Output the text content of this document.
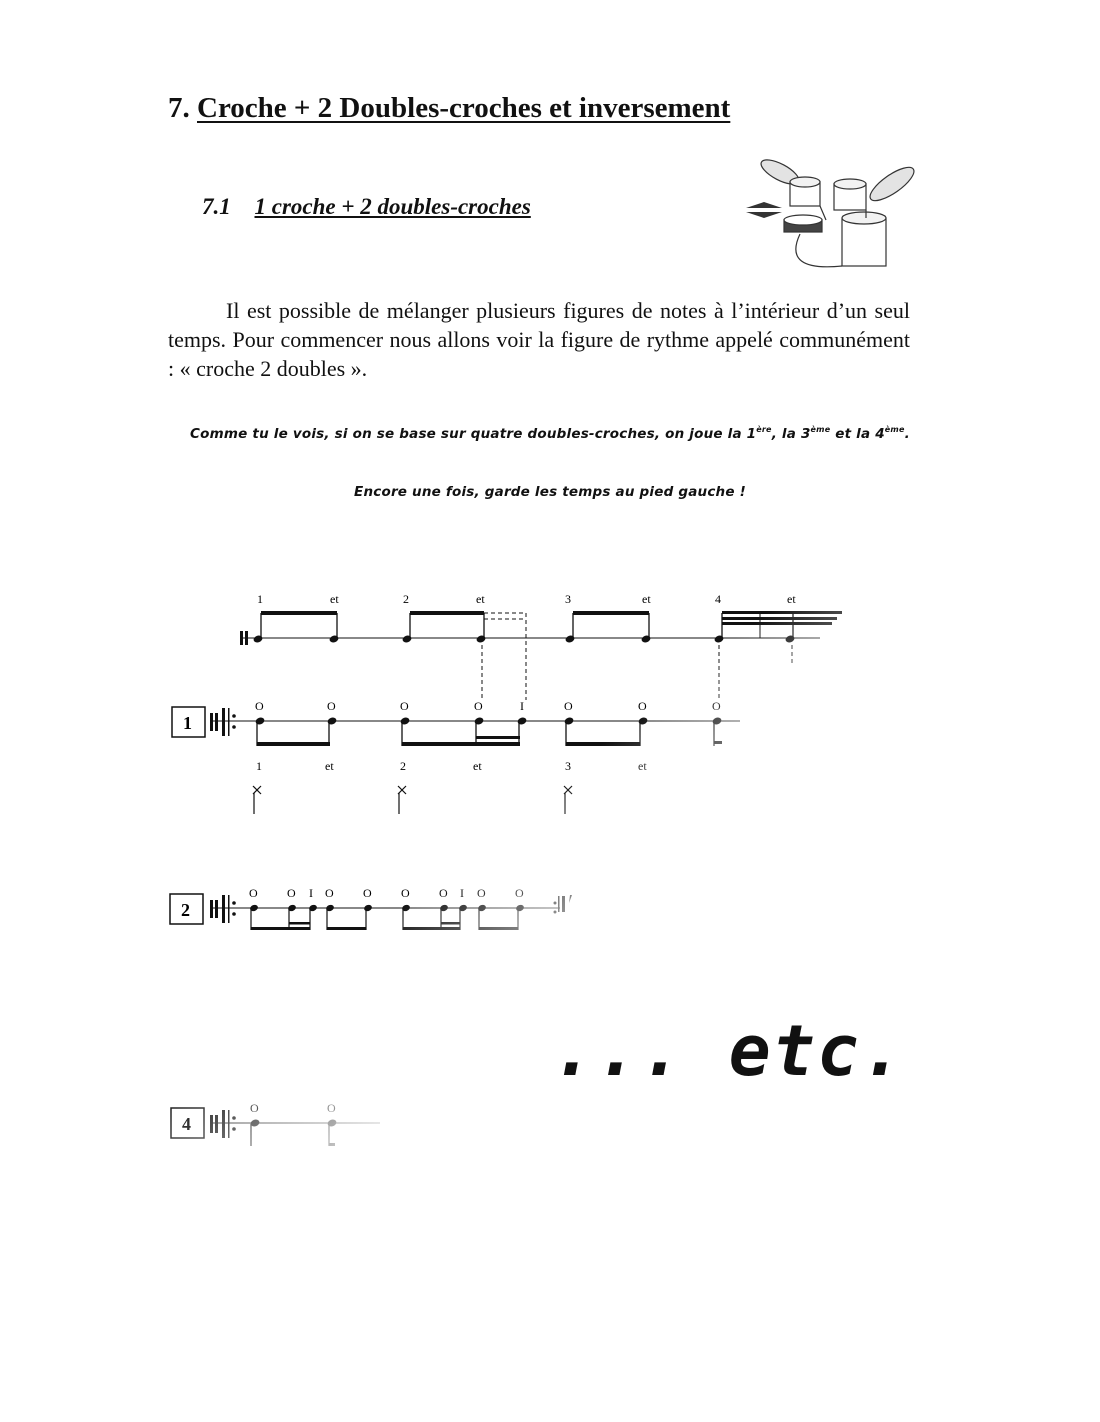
7. Croche + 2 Doubles-croches et inversement
7.1 1 croche + 2 doubles-croches
Il est possible de mélanger plusieurs figures de notes à l’intérieur d’un seul temps. Pour commencer nous allons voir la figure de rythme appelé communément : « croche 2 doubles ».
Comme tu le vois, si on se base sur quatre doubles-croches, on joue la 1ère, la 3ème et la 4ème.
Encore une fois, garde les temps au pied gauche !
... etc.
